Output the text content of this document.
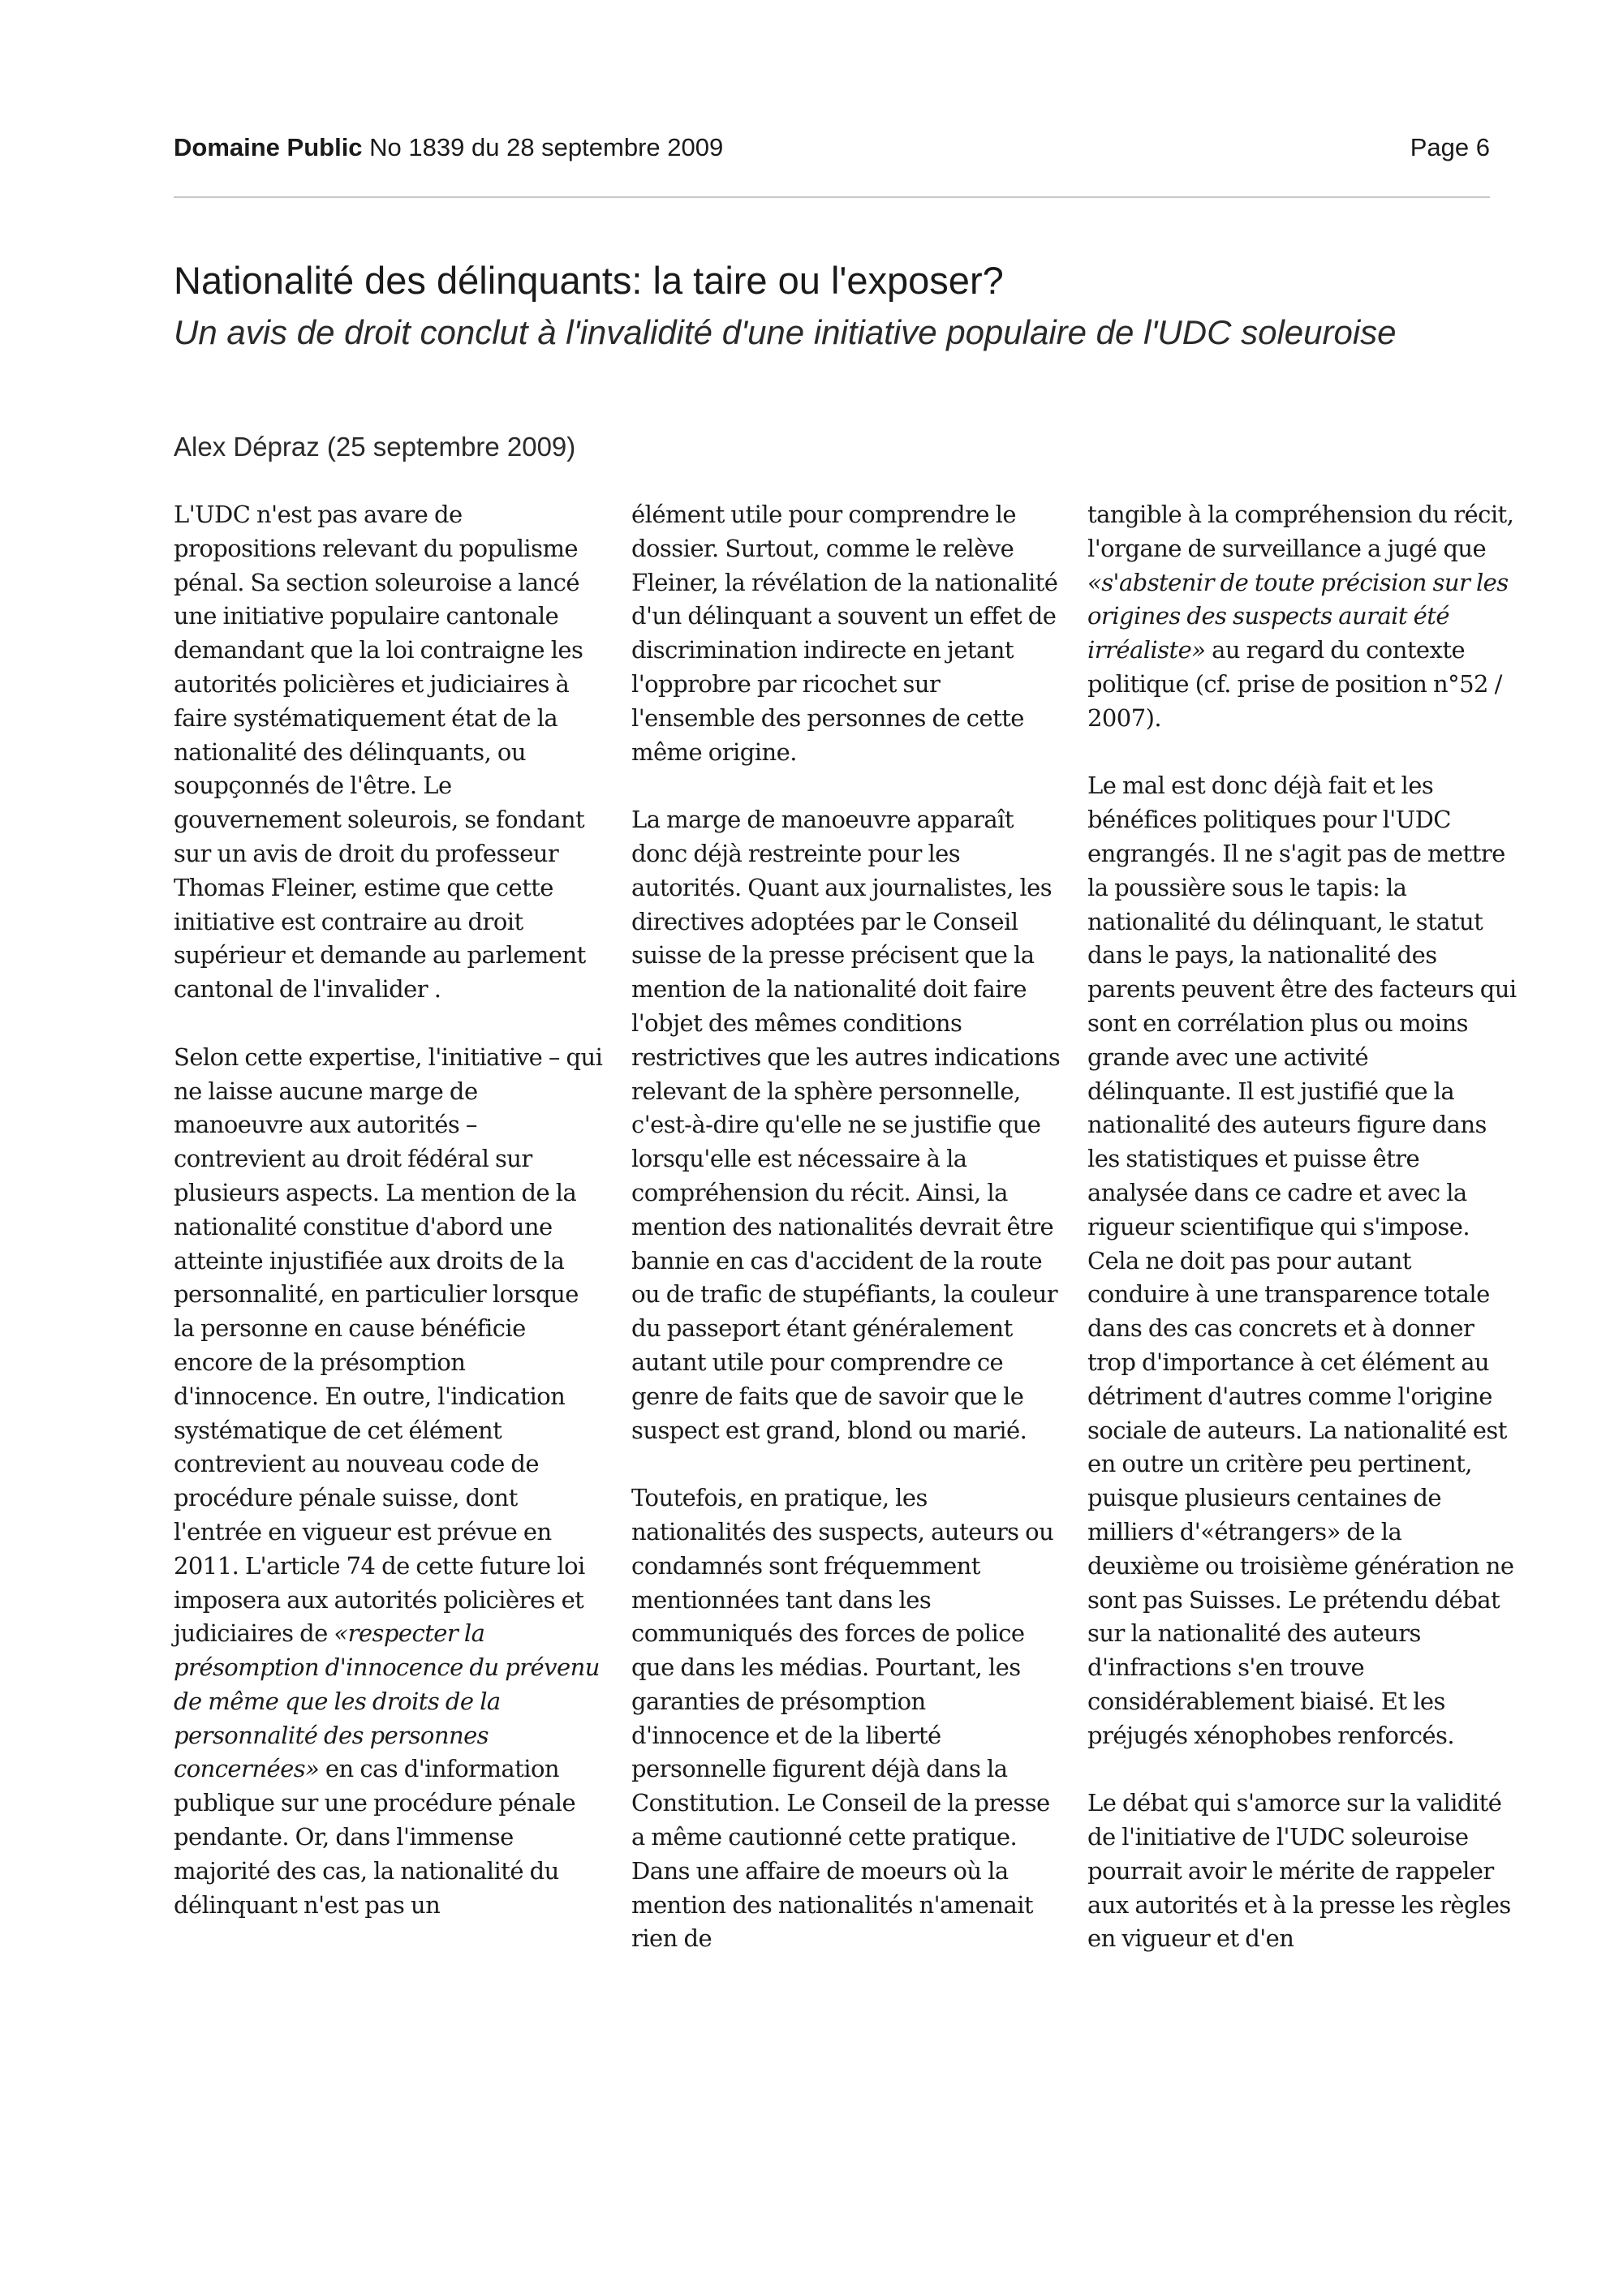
Domaine Public No 1839 du 28 septembre 2009	Page 6
Nationalité des délinquants: la taire ou l'exposer?

Un avis de droit conclut à l'invalidité d'une initiative populaire de l'UDC soleuroise

Alex Dépraz (25 septembre 2009)

L'UDC n'est pas avare de propositions relevant du populisme pénal. Sa section soleuroise a lancé une initiative populaire cantonale demandant que la loi contraigne les autorités policières et judiciaires à faire systématiquement état de la nationalité des délinquants, ou soupçonnés de l'être. Le gouvernement soleurois, se fondant sur un avis de droit du professeur Thomas Fleiner, estime que cette initiative est contraire au droit supérieur et demande au parlement cantonal de l'invalider .

Selon cette expertise, l'initiative – qui ne laisse aucune marge de manoeuvre aux autorités – contrevient au droit fédéral sur plusieurs aspects. La mention de la nationalité constitue d'abord une atteinte injustifiée aux droits de la personnalité, en particulier lorsque la personne en cause bénéficie encore de la présomption d'innocence. En outre, l'indication systématique de cet élément contrevient au nouveau code de procédure pénale suisse, dont l'entrée en vigueur est prévue en 2011. L'article 74 de cette future loi imposera aux autorités policières et judiciaires de «respecter la présomption d'innocence du prévenu de même que les droits de la personnalité des personnes concernées» en cas d'information publique sur une procédure pénale pendante. Or, dans l'immense majorité des cas, la nationalité du délinquant n'est pas un

élément utile pour comprendre le dossier. Surtout, comme le relève Fleiner, la révélation de la nationalité d'un délinquant a souvent un effet de discrimination indirecte en jetant l'opprobre par ricochet sur l'ensemble des personnes de cette même origine.

La marge de manoeuvre apparaît donc déjà restreinte pour les autorités. Quant aux journalistes, les directives adoptées par le Conseil suisse de la presse précisent que la mention de la nationalité doit faire l'objet des mêmes conditions restrictives que les autres indications relevant de la sphère personnelle, c'est-à-dire qu'elle ne se justifie que lorsqu'elle est nécessaire à la compréhension du récit. Ainsi, la mention des nationalités devrait être bannie en cas d'accident de la route ou de trafic de stupéfiants, la couleur du passeport étant généralement autant utile pour comprendre ce genre de faits que de savoir que le suspect est grand, blond ou marié.

Toutefois, en pratique, les nationalités des suspects, auteurs ou condamnés sont fréquemment mentionnées tant dans les communiqués des forces de police que dans les médias. Pourtant, les garanties de présomption d'innocence et de la liberté personnelle figurent déjà dans la Constitution. Le Conseil de la presse a même cautionné cette pratique. Dans une affaire de moeurs où la mention des nationalités n'amenait rien de

tangible à la compréhension du récit, l'organe de surveillance a jugé que «s'abstenir de toute précision sur les origines des suspects aurait été irréaliste» au regard du contexte politique (cf. prise de position n°52 / 2007).

Le mal est donc déjà fait et les bénéfices politiques pour l'UDC engrangés. Il ne s'agit pas de mettre la poussière sous le tapis: la nationalité du délinquant, le statut dans le pays, la nationalité des parents peuvent être des facteurs qui sont en corrélation plus ou moins grande avec une activité délinquante. Il est justifié que la nationalité des auteurs figure dans les statistiques et puisse être analysée dans ce cadre et avec la rigueur scientifique qui s'impose. Cela ne doit pas pour autant conduire à une transparence totale dans des cas concrets et à donner trop d'importance à cet élément au détriment d'autres comme l'origine sociale de auteurs. La nationalité est en outre un critère peu pertinent, puisque plusieurs centaines de milliers d'«étrangers» de la deuxième ou troisième génération ne sont pas Suisses. Le prétendu débat sur la nationalité des auteurs d'infractions s'en trouve considérablement biaisé. Et les préjugés xénophobes renforcés.

Le débat qui s'amorce sur la validité de l'initiative de l'UDC soleuroise pourrait avoir le mérite de rappeler aux autorités et à la presse les règles en vigueur et d'en
